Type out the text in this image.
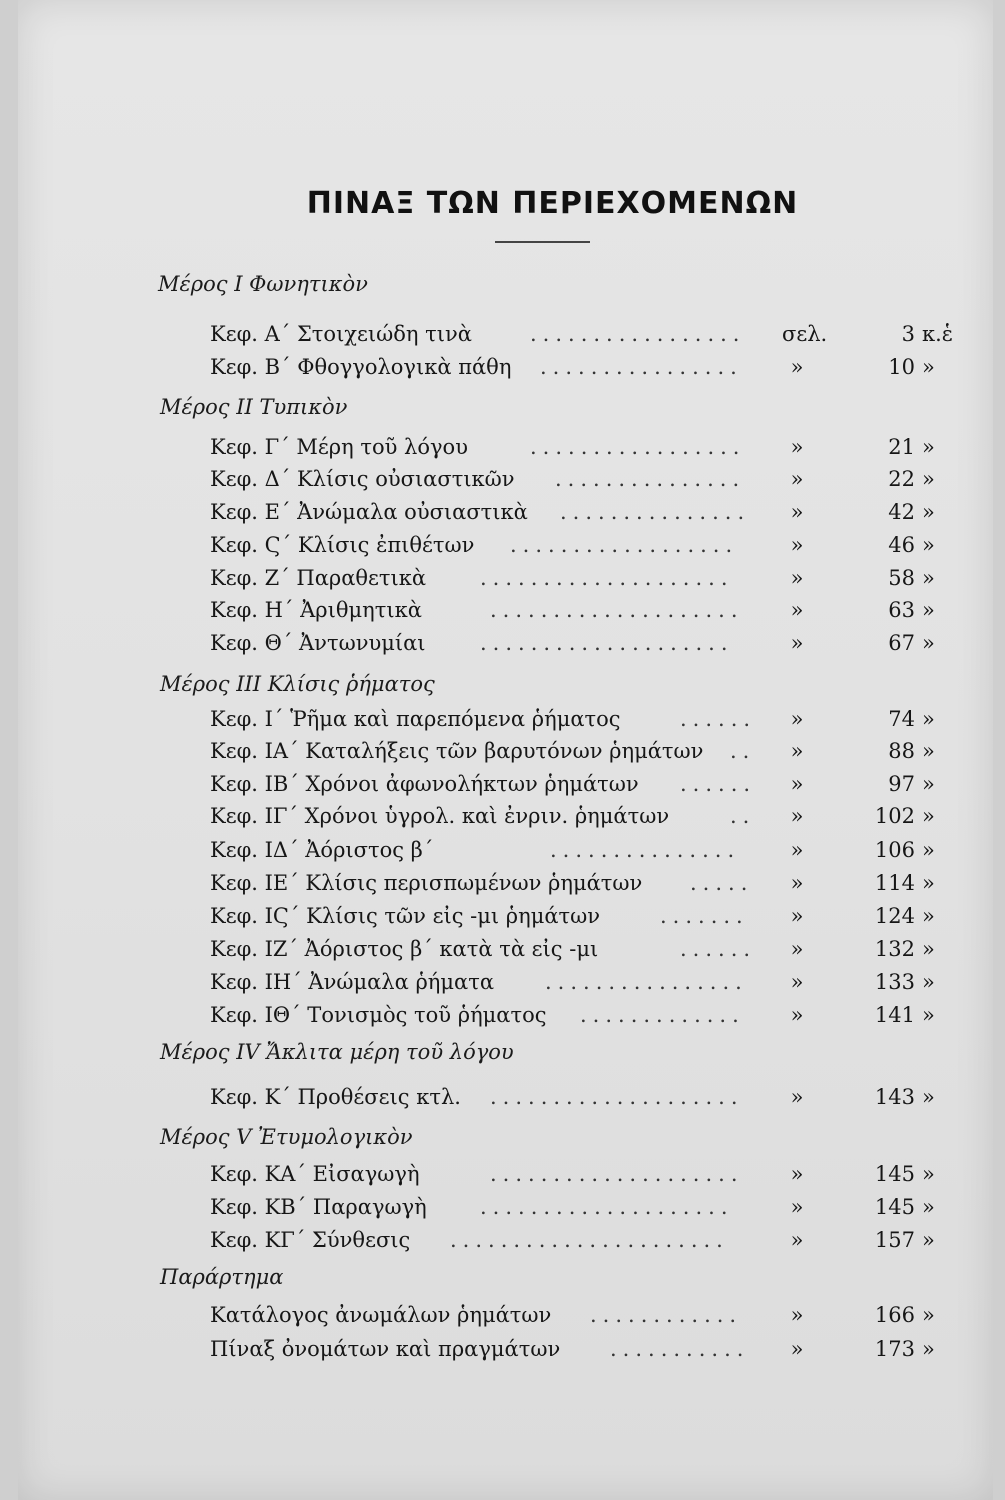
ΠΙΝΑΞ ΤΩΝ ΠΕΡΙΕΧΟΜΕΝΩΝ
Μέρος Ι Φωνητικὸν
Κεφ. Α΄ Στοιχειώδη τινὰ	................. σελ.	3 κ.ἑ
Κεφ. Β΄ Φθογγολογικὰ πάθη ................	»	10 »
Μέρος ΙΙ Τυπικὸν
Κεφ. Γ΄ Μέρη τοῦ λόγου	.................	»	21 »
Κεφ. Δ΄ Κλίσις οὐσιαστικῶν ...............	»	22 »
Κεφ. Ε΄ Ἀνώμαλα οὐσιαστικὰ ...............	»	42 »
Κεφ. Ϛ΄ Κλίσις ἐπιθέτων ..................	»	46 »
Κεφ. Ζ΄ Παραθετικὰ	....................	»	58 »
Κεφ. Η΄ Ἀριθμητικὰ	....................	»	63 »
Κεφ. Θ΄ Ἀντωνυμίαι	....................	»	67 »
Μέρος ΙΙΙ Κλίσις ῥήματος
Κεφ. Ι΄ Ῥῆμα καὶ παρεπόμενα ῥήματος	......	»	74 »
Κεφ. ΙΑ΄ Καταλήξεις τῶν βαρυτόνων ῥημάτων ..	»	88 »
Κεφ. ΙΒ΄ Χρόνοι ἀφωνολήκτων ῥημάτων ......	»	97 »
Κεφ. ΙΓ΄ Χρόνοι ὑγρολ. καὶ ἐνριν. ῥημάτων	..	»	102 »
Κεφ. ΙΔ΄ Ἀόριστος β΄	...............	»	106 »
Κεφ. ΙΕ΄ Κλίσις περισπωμένων ῥημάτων .....	»	114 »
Κεφ. ΙϚ΄ Κλίσις τῶν εἰς -μι ῥημάτων	.......	»	124 »
Κεφ. ΙΖ΄ Ἀόριστος β΄ κατὰ τὰ εἰς -μι	......	»	132 »
Κεφ. ΙΗ΄ Ἀνώμαλα ῥήματα ................	»	133 »
Κεφ. ΙΘ΄ Τονισμὸς τοῦ ῥήματος .............	»	141 »
Μέρος ΙV Ἄκλιτα μέρη τοῦ λόγου
Κεφ. Κ΄ Προθέσεις κτλ. ....................	»	143 »
Μέρος V Ἐτυμολογικὸν
Κεφ. ΚΑ΄ Εἰσαγωγὴ	....................	»	145 »
Κεφ. ΚΒ΄ Παραγωγὴ	....................	»	145 »
Κεφ. ΚΓ΄ Σύνθεσις ......................	»	157 »
Παράρτημα
Κατάλογος ἀνωμάλων ῥημάτων ............	»	166 »
Πίναξ ὀνομάτων καὶ πραγμάτων ...........	»	173 »
